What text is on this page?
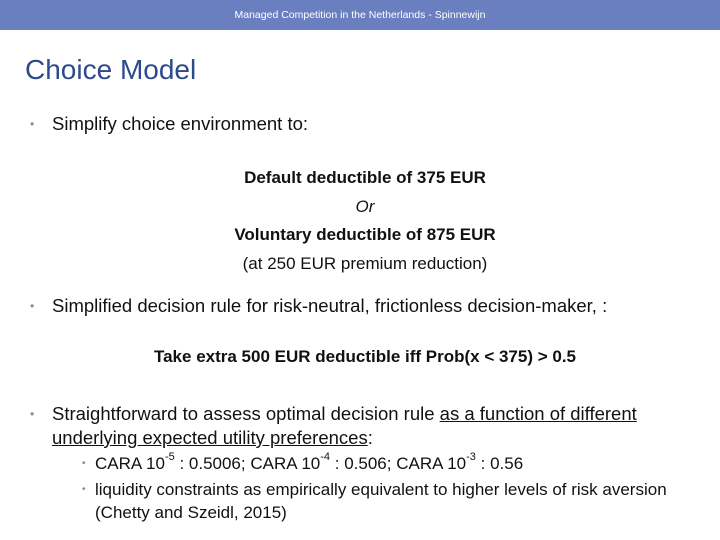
Managed Competition in the Netherlands - Spinnewijn
Choice Model
• Simplify choice environment to:
Default deductible of 375 EUR
Or
Voluntary deductible of 875 EUR
(at 250 EUR premium reduction)
• Simplified decision rule for risk-neutral, frictionless decision-maker, :
Take extra 500 EUR deductible iff Prob(x < 375) > 0.5
• Straightforward to assess optimal decision rule as a function of different underlying expected utility preferences:
• CARA $10^{-5}$ : 0.5006; CARA $10^{-4}$ : 0.506; CARA $10^{-3}$ : 0.56
• liquidity constraints as empirically equivalent to higher levels of risk aversion (Chetty and Szeidl, 2015)
